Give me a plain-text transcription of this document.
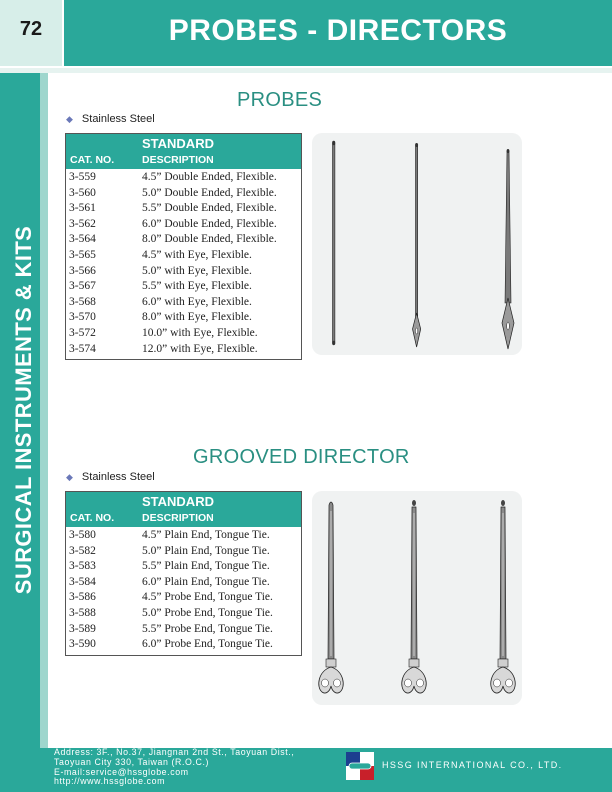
72	PROBES - DIRECTORS
SURGICAL INSTRUMENTS & KITS
PROBES
◆ Stainless Steel
STANDARD
CAT. NO.	DESCRIPTION
3-559	4.5” Double Ended, Flexible.
3-560	5.0” Double Ended, Flexible.
3-561	5.5” Double Ended, Flexible.
3-562	6.0” Double Ended, Flexible.
3-564	8.0” Double Ended, Flexible.
3-565	4.5” with Eye, Flexible.
3-566	5.0” with Eye, Flexible.
3-567	5.5” with Eye, Flexible.
3-568	6.0” with Eye, Flexible.
3-570	8.0” with Eye, Flexible.
3-572	10.0” with Eye, Flexible.
3-574	12.0” with Eye, Flexible.
GROOVED DIRECTOR
◆ Stainless Steel
STANDARD
CAT. NO.	DESCRIPTION
3-580	4.5” Plain End, Tongue Tie.
3-582	5.0” Plain End, Tongue Tie.
3-583	5.5” Plain End, Tongue Tie.
3-584	6.0” Plain End, Tongue Tie.
3-586	4.5” Probe End, Tongue Tie.
3-588	5.0” Probe End, Tongue Tie.
3-589	5.5” Probe End, Tongue Tie.
3-590	6.0” Probe End, Tongue Tie.
Address: 3F., No.37, Jiangnan 2nd St., Taoyuan Dist.,
Taoyuan City 330, Taiwan (R.O.C.)
E-mail:service@hssglobe.com
http://www.hssglobe.com
HSSG INTERNATIONAL CO., LTD.
